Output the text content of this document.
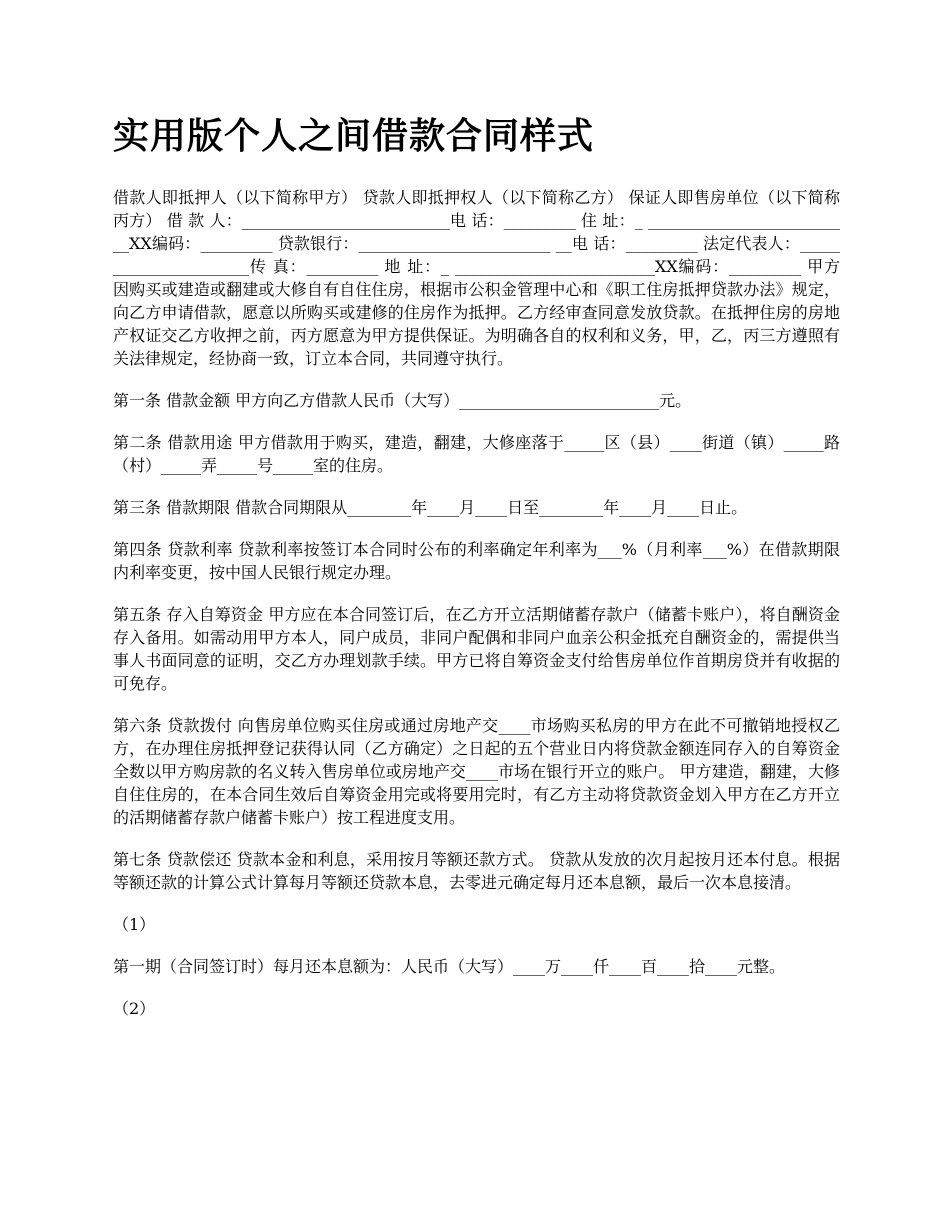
实用版个人之间借款合同样式

借款人即抵押人（以下简称甲方） 贷款人即抵押权人（以下简称乙方） 保证人即售房单位（以下简称丙方） 借 款 人：__________________________电 话：_________ 住 址：_ __________________________XX编码：_________ 贷款银行：________________________ __电 话：_________ 法定代表人：______________________传 真：_________ 地 址：_ _________________________XX编码：_________ 甲方因购买或建造或翻建或大修自有自住住房，根据市公积金管理中心和《职工住房抵押贷款办法》规定，向乙方申请借款，愿意以所购买或建修的住房作为抵押。乙方经审查同意发放贷款。在抵押住房的房地产权证交乙方收押之前，丙方愿意为甲方提供保证。为明确各自的权利和义务，甲，乙，丙三方遵照有关法律规定，经协商一致，订立本合同，共同遵守执行。

第一条 借款金额 甲方向乙方借款人民币（大写）_________________________元。

第二条 借款用途 甲方借款用于购买，建造，翻建，大修座落于_____区（县）____街道（镇）_____路（村）_____弄_____号_____室的住房。

第三条 借款期限 借款合同期限从________年____月____日至________年____月____日止。

第四条 贷款利率 贷款利率按签订本合同时公布的利率确定年利率为___%（月利率___%）在借款期限内利率变更，按中国人民银行规定办理。

第五条 存入自筹资金 甲方应在本合同签订后，在乙方开立活期储蓄存款户（储蓄卡账户），将自酬资金存入备用。如需动用甲方本人，同户成员，非同户配偶和非同户血亲公积金抵充自酬资金的，需提供当事人书面同意的证明，交乙方办理划款手续。甲方已将自筹资金支付给售房单位作首期房贷并有收据的可免存。

第六条 贷款拨付 向售房单位购买住房或通过房地产交____市场购买私房的甲方在此不可撤销地授权乙方，在办理住房抵押登记获得认同（乙方确定）之日起的五个营业日内将贷款金额连同存入的自筹资金全数以甲方购房款的名义转入售房单位或房地产交____市场在银行开立的账户。 甲方建造，翻建，大修自住住房的，在本合同生效后自筹资金用完或将要用完时，有乙方主动将贷款资金划入甲方在乙方开立的活期储蓄存款户储蓄卡账户）按工程进度支用。

第七条 贷款偿还 贷款本金和利息，采用按月等额还款方式。 贷款从发放的次月起按月还本付息。根据等额还款的计算公式计算每月等额还贷款本息，去零进元确定每月还本息额，最后一次本息接清。

（1）

第一期（合同签订时）每月还本息额为：人民币（大写）____万____仟____百____拾____元整。

（2）
